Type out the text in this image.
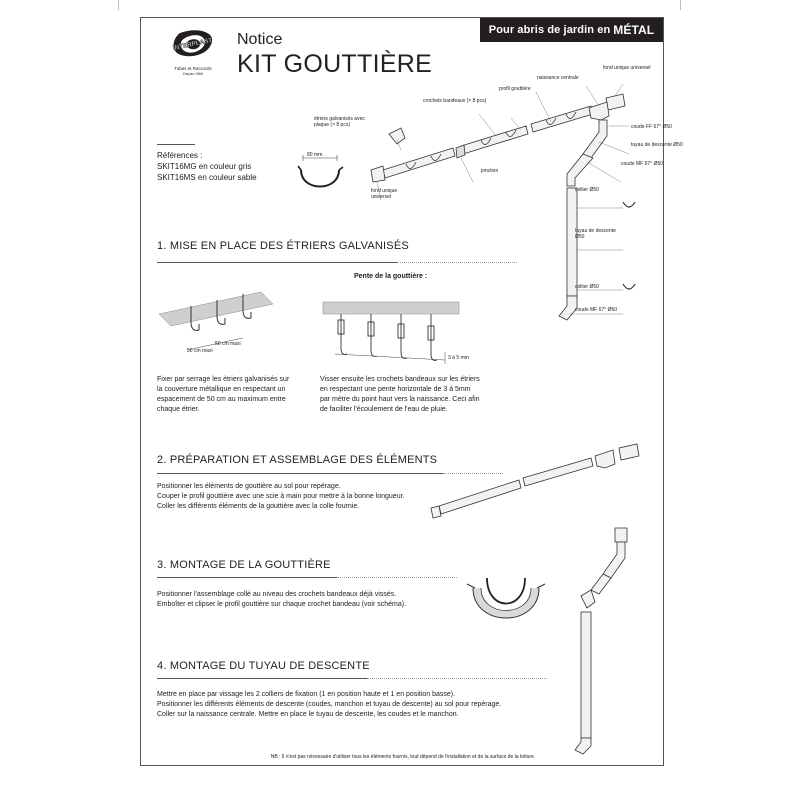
Pour abris de jardin en MÉTAL
INTERPLAST
Tubes et Raccords
Depuis 1966
Notice
KIT GOUTTIÈRE
Références :
SKIT16MG en couleur gris
SKIT16MS en couleur sable
80 mm
étriers galvanisés avec plaque (× 8 pcs)
crochets bandeaux (× 8 pcs)
profil gouttière
naissance centrale
fond unique universel
fond unique universel
jonction
coude FF 67° Ø50
tuyau de descente Ø50
coude MF 67° Ø50
collier Ø50
tuyau de descente Ø50
collier Ø50
coude MF 67° Ø50
1. MISE EN PLACE DES ÉTRIERS GALVANISÉS
50 cm maxi
50 cm maxi
Pente de la gouttière :
3 à 5 mm
Fixer par serrage les étriers galvanisés sur
la couverture métallique en respectant un
espacement de 50 cm au maximum entre
chaque étrier.
Visser ensuite les crochets bandeaux sur les étriers
en respectant une pente horizontale de 3 à 5mm
par mètre du point haut vers la naissance. Ceci afin
de faciliter l'écoulement de l'eau de pluie.
2. PRÉPARATION ET ASSEMBLAGE DES ÉLÉMENTS
Positionner les éléments de gouttière au sol pour repérage.
Couper le profil gouttière avec une scie à main pour mettre à la bonne longueur.
Coller les différents éléments de la gouttière avec la colle fournie.
3. MONTAGE DE LA GOUTTIÈRE
Positionner l'assemblage collé au niveau des crochets bandeaux déjà vissés.
Emboîter et clipser le profil gouttière sur chaque crochet bandeau (voir schéma).
4. MONTAGE DU TUYAU DE DESCENTE
Mettre en place par vissage les 2 colliers de fixation (1 en position haute et 1 en position basse).
Positionner les différents éléments de descente (coudes, manchon et tuyau de descente) au sol pour repérage.
Coller sur la naissance centrale. Mettre en place le tuyau de descente, les coudes et le manchon.
NB : Il n'est pas nécessaire d'utiliser tous les éléments fournis, tout dépend de l'installation et de la surface de la toiture.
